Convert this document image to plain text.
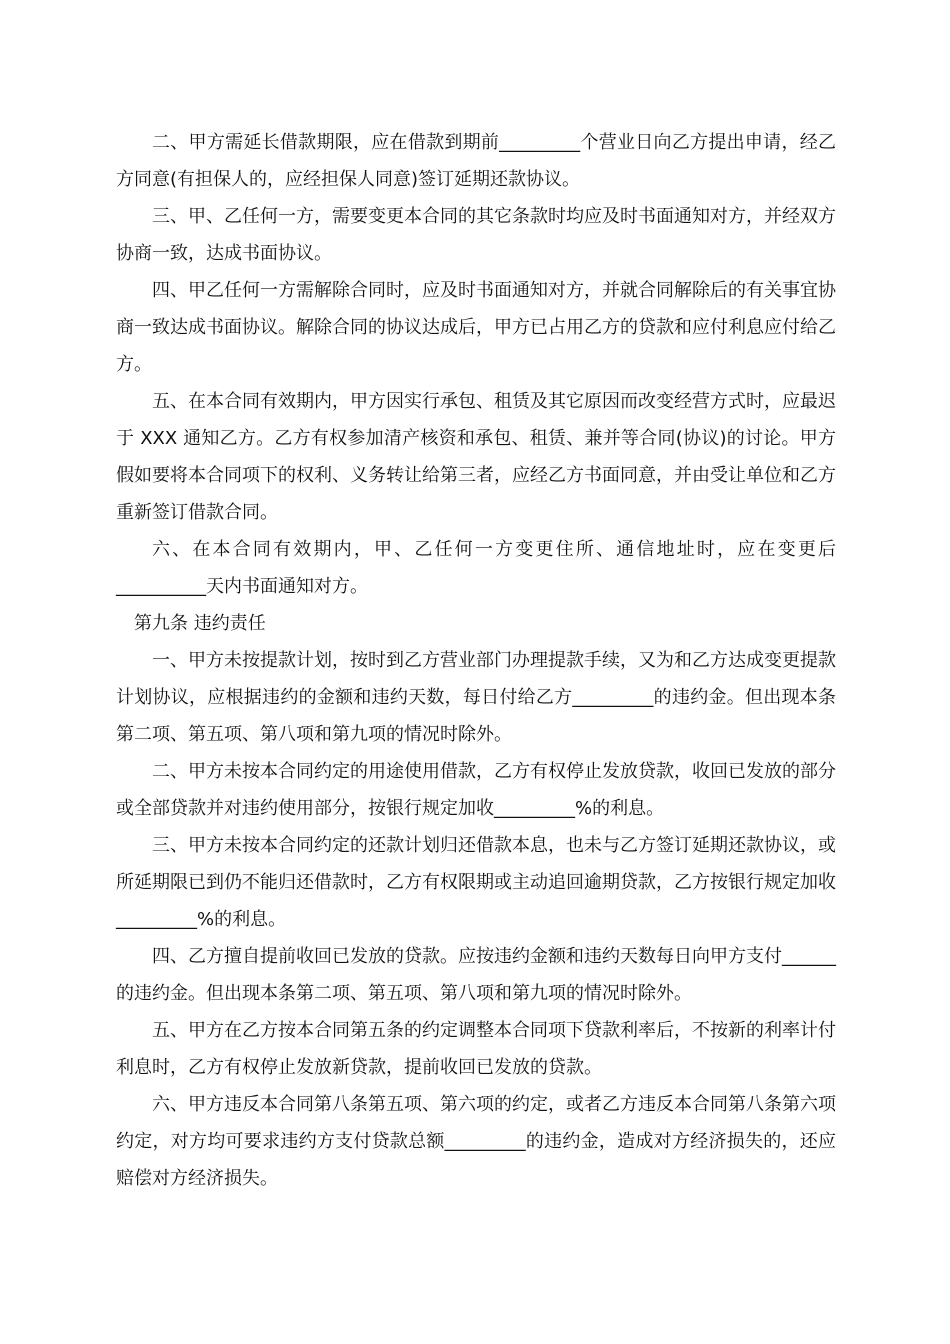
二、甲方需延长借款期限，应在借款到期前_________个营业日向乙方提出申请，经乙方同意(有担保人的，应经担保人同意)签订延期还款协议。

三、甲、乙任何一方，需要变更本合同的其它条款时均应及时书面通知对方，并经双方协商一致，达成书面协议。

四、甲乙任何一方需解除合同时，应及时书面通知对方，并就合同解除后的有关事宜协商一致达成书面协议。解除合同的协议达成后，甲方已占用乙方的贷款和应付利息应付给乙方。

五、在本合同有效期内，甲方因实行承包、租赁及其它原因而改变经营方式时，应最迟于 XXX 通知乙方。乙方有权参加清产核资和承包、租赁、兼并等合同(协议)的讨论。甲方假如要将本合同项下的权利、义务转让给第三者，应经乙方书面同意，并由受让单位和乙方重新签订借款合同。

六、在本合同有效期内，甲、乙任何一方变更住所、通信地址时，应在变更后__________天内书面通知对方。

第九条 违约责任

一、甲方未按提款计划，按时到乙方营业部门办理提款手续，又为和乙方达成变更提款计划协议，应根据违约的金额和违约天数，每日付给乙方_________的违约金。但出现本条第二项、第五项、第八项和第九项的情况时除外。

二、甲方未按本合同约定的用途使用借款，乙方有权停止发放贷款，收回已发放的部分或全部贷款并对违约使用部分，按银行规定加收_________%的利息。

三、甲方未按本合同约定的还款计划归还借款本息，也未与乙方签订延期还款协议，或所延期限已到仍不能归还借款时，乙方有权限期或主动追回逾期贷款，乙方按银行规定加收_________%的利息。

四、乙方擅自提前收回已发放的贷款。应按违约金额和违约天数每日向甲方支付______的违约金。但出现本条第二项、第五项、第八项和第九项的情况时除外。

五、甲方在乙方按本合同第五条的约定调整本合同项下贷款利率后，不按新的利率计付利息时，乙方有权停止发放新贷款，提前收回已发放的贷款。

六、甲方违反本合同第八条第五项、第六项的约定，或者乙方违反本合同第八条第六项约定，对方均可要求违约方支付贷款总额_________的违约金，造成对方经济损失的，还应赔偿对方经济损失。
